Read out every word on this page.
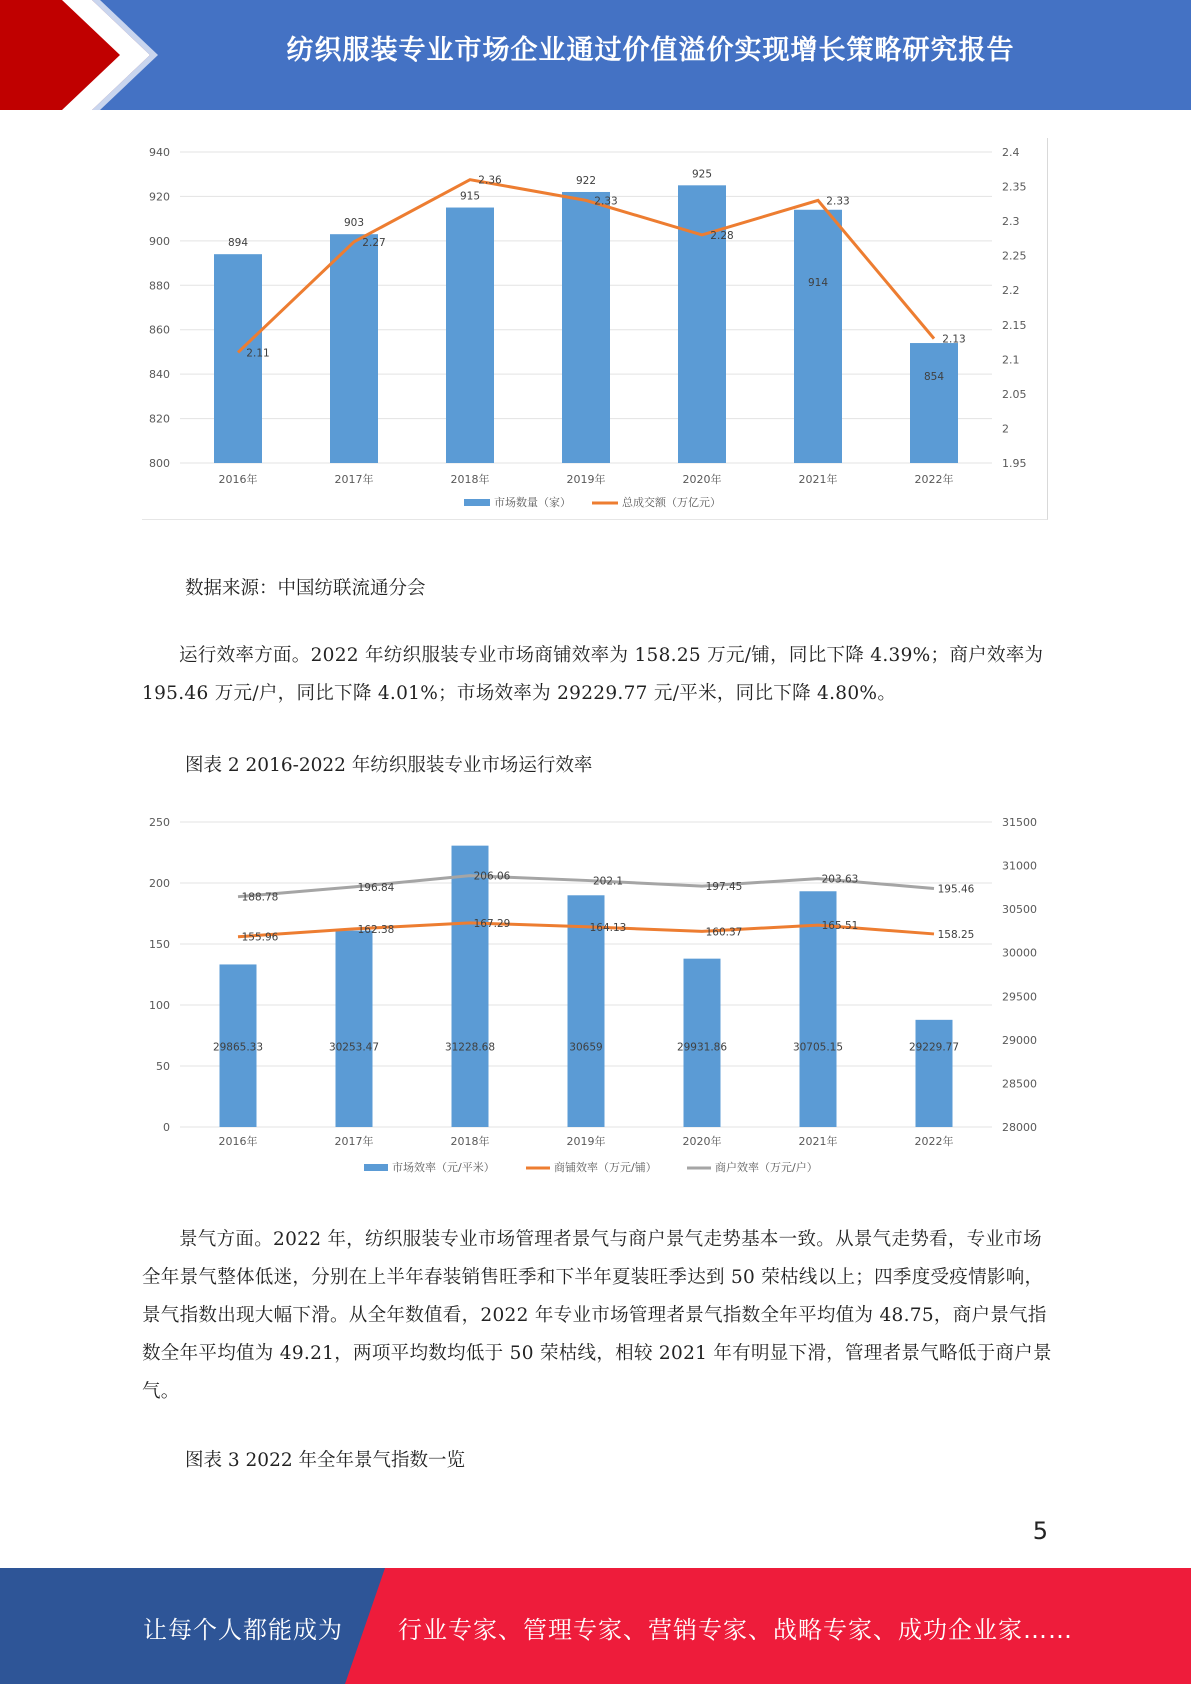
纺织服装专业市场企业通过价值溢价实现增长策略研究报告
800
820
840
860
880
900
920
940
1.95
2
2.05
2.1
2.15
2.2
2.25
2.3
2.35
2.4
894
903
915
922
925
914
854
2016年	2017年	2018年	2019年	2020年	2021年	2022年
2.11
2.27
2.36
2.33
2.28
2.33
2.13
市场数量（家）	总成交额（万亿元）
数据来源：中国纺联流通分会

运行效率方面。2022 年纺织服装专业市场商铺效率为 158.25 万元/铺，同比下降 4.39%；商户效率为 195.46 万元/户，同比下降 4.01%；市场效率为 29229.77 元/平米，同比下降 4.80%。

图表 2 2016-2022 年纺织服装专业市场运行效率
0
50
100
150
200
250
28000
28500
29000
29500
30000
30500
31000
31500
29865.33	30253.47	31228.68	30659	29931.86	30705.15	29229.77
2016年	2017年	2018年	2019年	2020年	2021年	2022年
155.96
162.38	167.29	164.13	160.37
165.51
158.25
188.78
196.84
206.06	202.1	197.45
203.63
195.46
市场效率（元/平米）	商铺效率（万元/铺）	商户效率（万元/户）

景气方面。2022 年，纺织服装专业市场管理者景气与商户景气走势基本一致。从景气走势看，专业市场全年景气整体低迷，分别在上半年春装销售旺季和下半年夏装旺季达到 50 荣枯线以上；四季度受疫情影响，景气指数出现大幅下滑。从全年数值看，2022 年专业市场管理者景气指数全年平均值为 48.75，商户景气指数全年平均值为 49.21，两项平均数均低于 50 荣枯线，相较 2021 年有明显下滑，管理者景气略低于商户景气。

图表 3 2022 年全年景气指数一览
5
让每个人都能成为 行业专家、管理专家、营销专家、战略专家、成功企业家……
